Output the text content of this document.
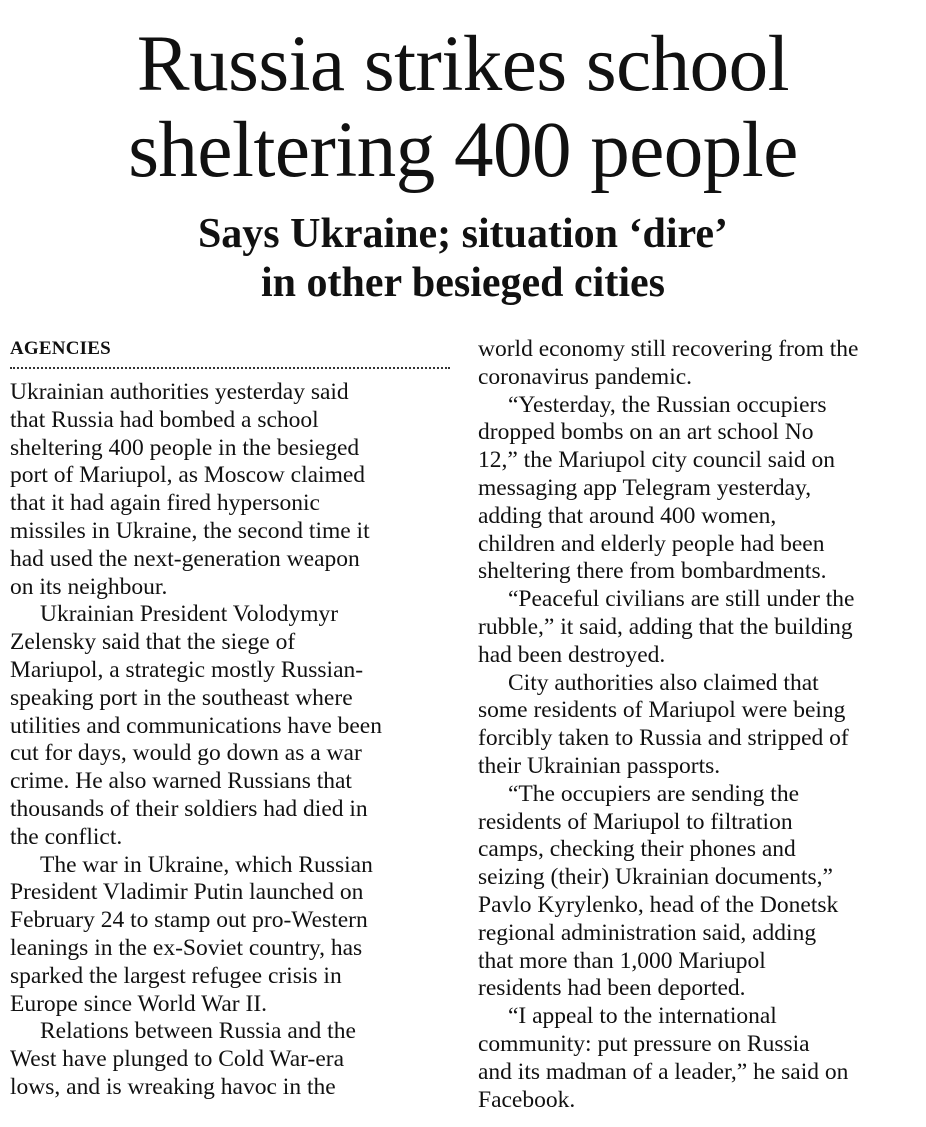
Russia strikes school
sheltering 400 people
Says Ukraine; situation ‘dire’
in other besieged cities
AGENCIES
Ukrainian authorities yesterday said
that Russia had bombed a school
sheltering 400 people in the besieged
port of Mariupol, as Moscow claimed
that it had again fired hypersonic
missiles in Ukraine, the second time it
had used the next-generation weapon
on its neighbour.
Ukrainian President Volodymyr
Zelensky said that the siege of
Mariupol, a strategic mostly Russian-
speaking port in the southeast where
utilities and communications have been
cut for days, would go down as a war
crime. He also warned Russians that
thousands of their soldiers had died in
the conflict.
The war in Ukraine, which Russian
President Vladimir Putin launched on
February 24 to stamp out pro-Western
leanings in the ex-Soviet country, has
sparked the largest refugee crisis in
Europe since World War II.
Relations between Russia and the
West have plunged to Cold War-era
lows, and is wreaking havoc in the
world economy still recovering from the
coronavirus pandemic.
“Yesterday, the Russian occupiers
dropped bombs on an art school No
12,” the Mariupol city council said on
messaging app Telegram yesterday,
adding that around 400 women,
children and elderly people had been
sheltering there from bombardments.
“Peaceful civilians are still under the
rubble,” it said, adding that the building
had been destroyed.
City authorities also claimed that
some residents of Mariupol were being
forcibly taken to Russia and stripped of
their Ukrainian passports.
“The occupiers are sending the
residents of Mariupol to filtration
camps, checking their phones and
seizing (their) Ukrainian documents,”
Pavlo Kyrylenko, head of the Donetsk
regional administration said, adding
that more than 1,000 Mariupol
residents had been deported.
“I appeal to the international
community: put pressure on Russia
and its madman of a leader,” he said on
Facebook.
